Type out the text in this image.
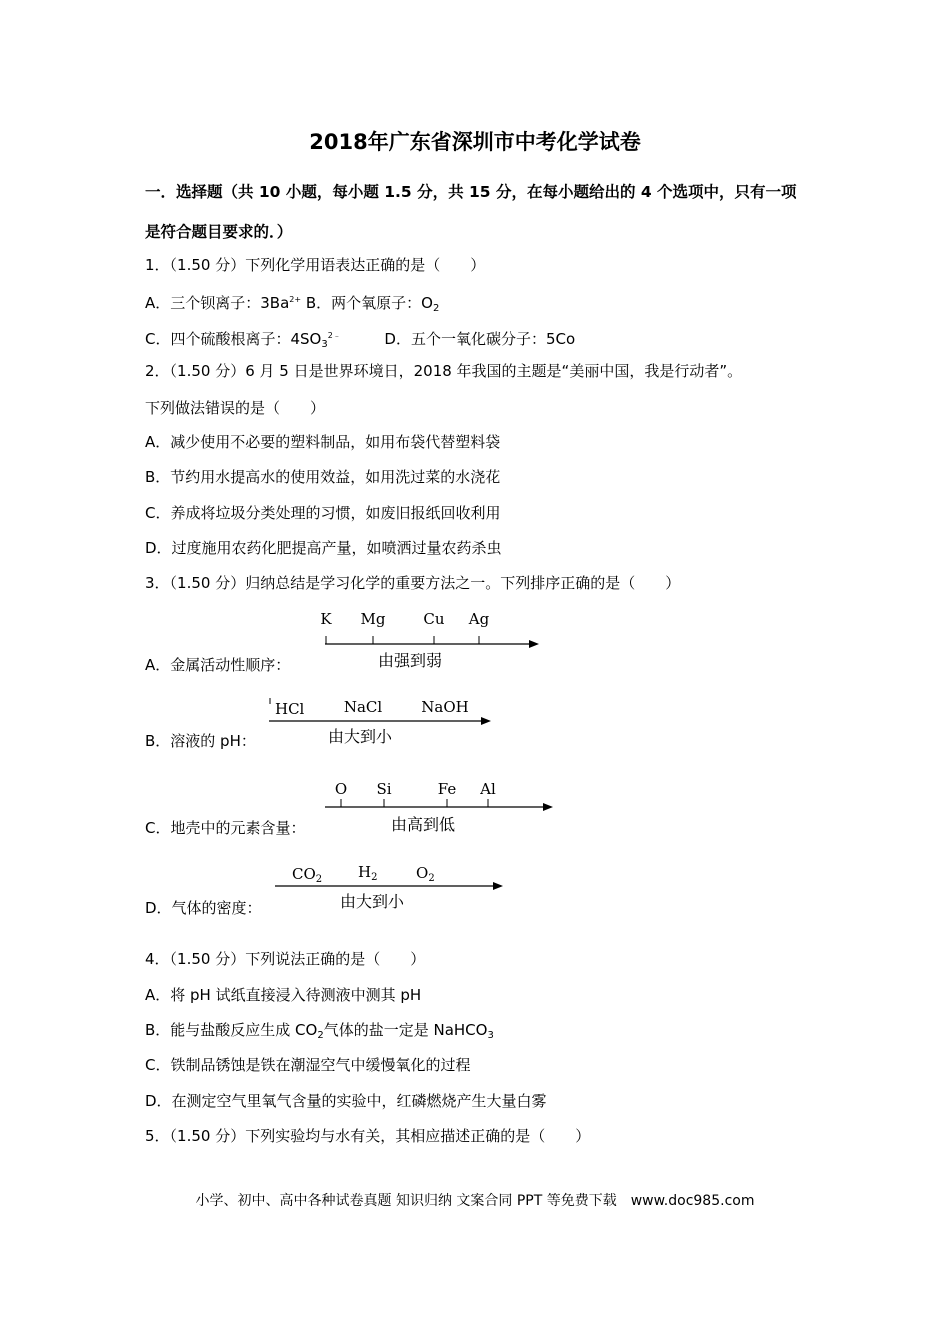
2018年广东省深圳市中考化学试卷
一．选择题（共 10 小题，每小题 1.5 分，共 15 分，在每小题给出的 4 个选项中，只有一项
是符合题目要求的．）
1．（1.50 分）下列化学用语表达正确的是（　　）
A．三个钡离子：$3Ba^{2+}$ B．两个氧原子：$O_2$
C．四个硫酸根离子：$4SO_3^{2﹣}$	D．五个一氧化碳分子：5Co
2．（1.50 分）6 月 5 日是世界环境日，2018 年我国的主题是“美丽中国，我是行动者”。
下列做法错误的是（　　）
A．减少使用不必要的塑料制品，如用布袋代替塑料袋
B．节约用水提高水的使用效益，如用洗过菜的水浇花
C．养成将垃圾分类处理的习惯，如废旧报纸回收利用
D．过度施用农药化肥提高产量，如喷洒过量农药杀虫
3．（1.50 分）归纳总结是学习化学的重要方法之一。下列排序正确的是（　　）
A．金属活动性顺序：
K Mg	Cu Ag
由强到弱
B．溶液的 pH：
HCl	NaCl	NaOH
由大到小
C．地壳中的元素含量：
O Si	Fe Al
由高到低
D．气体的密度：
$CO_2$ $H_2$	$O_2$
由大到小
4．（1.50 分）下列说法正确的是（　　）
A．将 pH 试纸直接浸入待测液中测其 pH
B．能与盐酸反应生成 $CO_2$气体的盐一定是 NaHCO$_3$
C．铁制品锈蚀是铁在潮湿空气中缓慢氧化的过程
D．在测定空气里氧气含量的实验中，红磷燃烧产生大量白雾
5．（1.50 分）下列实验均与水有关，其相应描述正确的是（　　）
小学、初中、高中各种试卷真题 知识归纳 文案合同 PPT 等免费下载　www.doc985.com
